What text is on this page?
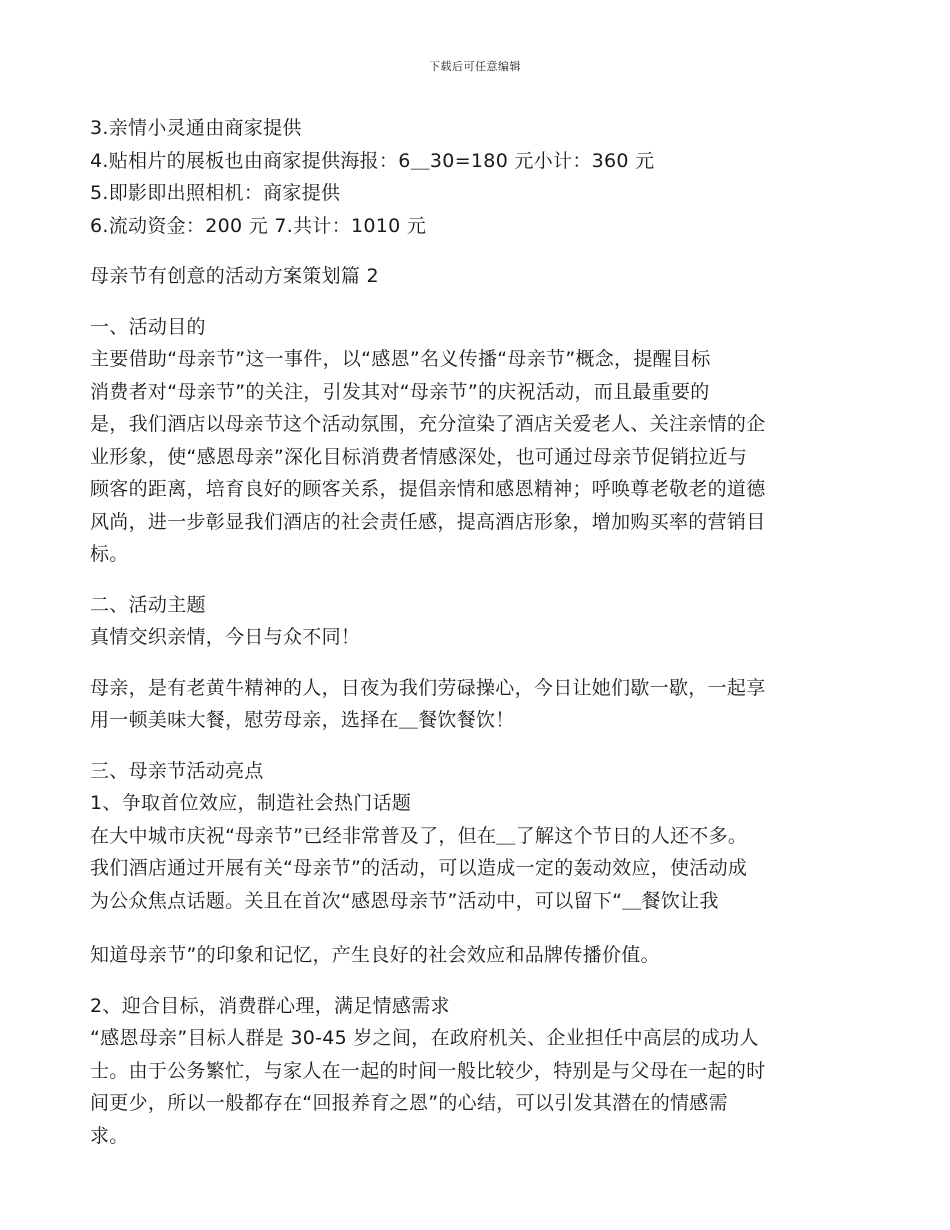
下载后可任意编辑

3.亲情小灵通由商家提供

4.贴相片的展板也由商家提供海报：6＿30=180 元小计：360 元

5.即影即出照相机：商家提供

6.流动资金：200 元 7.共计：1010 元

母亲节有创意的活动方案策划篇 2

一、活动目的

主要借助“母亲节”这一事件，以“感恩”名义传播“母亲节”概念，提醒目标

消费者对“母亲节”的关注，引发其对“母亲节”的庆祝活动，而且最重要的

是，我们酒店以母亲节这个活动氛围，充分渲染了酒店关爱老人、关注亲情的企

业形象，使“感恩母亲”深化目标消费者情感深处，也可通过母亲节促销拉近与

顾客的距离，培育良好的顾客关系，提倡亲情和感恩精神；呼唤尊老敬老的道德

风尚，进一步彰显我们酒店的社会责任感，提高酒店形象，增加购买率的营销目

标。

二、活动主题

真情交织亲情，今日与众不同！

母亲，是有老黄牛精神的人，日夜为我们劳碌操心，今日让她们歇一歇，一起享

用一顿美味大餐，慰劳母亲，选择在＿餐饮餐饮！

三、母亲节活动亮点

1、争取首位效应，制造社会热门话题

在大中城市庆祝“母亲节”已经非常普及了，但在＿了解这个节日的人还不多。

我们酒店通过开展有关“母亲节”的活动，可以造成一定的轰动效应，使活动成

为公众焦点话题。关且在首次“感恩母亲节”活动中，可以留下“＿餐饮让我

知道母亲节”的印象和记忆，产生良好的社会效应和品牌传播价值。

2、迎合目标，消费群心理，满足情感需求

“感恩母亲”目标人群是 30-45 岁之间，在政府机关、企业担任中高层的成功人

士。由于公务繁忙，与家人在一起的时间一般比较少，特别是与父母在一起的时

间更少，所以一般都存在“回报养育之恩”的心结，可以引发其潜在的情感需

求。
